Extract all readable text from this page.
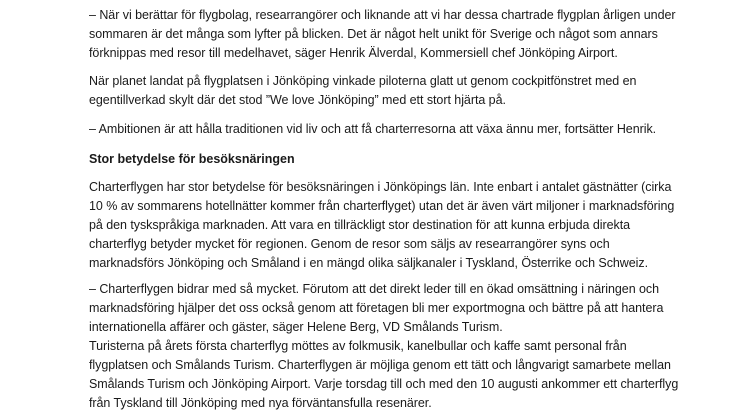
– När vi berättar för flygbolag, researrangörer och liknande att vi har dessa chartrade flygplan årligen under
sommaren är det många som lyfter på blicken. Det är något helt unikt för Sverige och något som annars
förknippas med resor till medelhavet, säger Henrik Älverdal, Kommersiell chef Jönköping Airport.

När planet landat på flygplatsen i Jönköping vinkade piloterna glatt ut genom cockpitfönstret med en
egentillverkad skylt där det stod ”We love Jönköping” med ett stort hjärta på.

– Ambitionen är att hålla traditionen vid liv och att få charterresorna att växa ännu mer, fortsätter Henrik.

Stor betydelse för besöksnäringen

Charterflygen har stor betydelse för besöksnäringen i Jönköpings län. Inte enbart i antalet gästnätter (cirka
10 % av sommarens hotellnätter kommer från charterflyget) utan det är även värt miljoner i marknadsföring
på den tyskspråkiga marknaden. Att vara en tillräckligt stor destination för att kunna erbjuda direkta
charterflyg betyder mycket för regionen. Genom de resor som säljs av researrangörer syns och
marknadsförs Jönköping och Småland i en mängd olika säljkanaler i Tyskland, Österrike och Schweiz.

– Charterflygen bidrar med så mycket. Förutom att det direkt leder till en ökad omsättning i näringen och
marknadsföring hjälper det oss också genom att företagen bli mer exportmogna och bättre på att hantera
internationella affärer och gäster, säger Helene Berg, VD Smålands Turism.

Turisterna på årets första charterflyg möttes av folkmusik, kanelbullar och kaffe samt personal från
flygplatsen och Smålands Turism. Charterflygen är möjliga genom ett tätt och långvarigt samarbete mellan
Smålands Turism och Jönköping Airport. Varje torsdag till och med den 10 augusti ankommer ett charterflyg
från Tyskland till Jönköping med nya förväntansfulla resenärer.
